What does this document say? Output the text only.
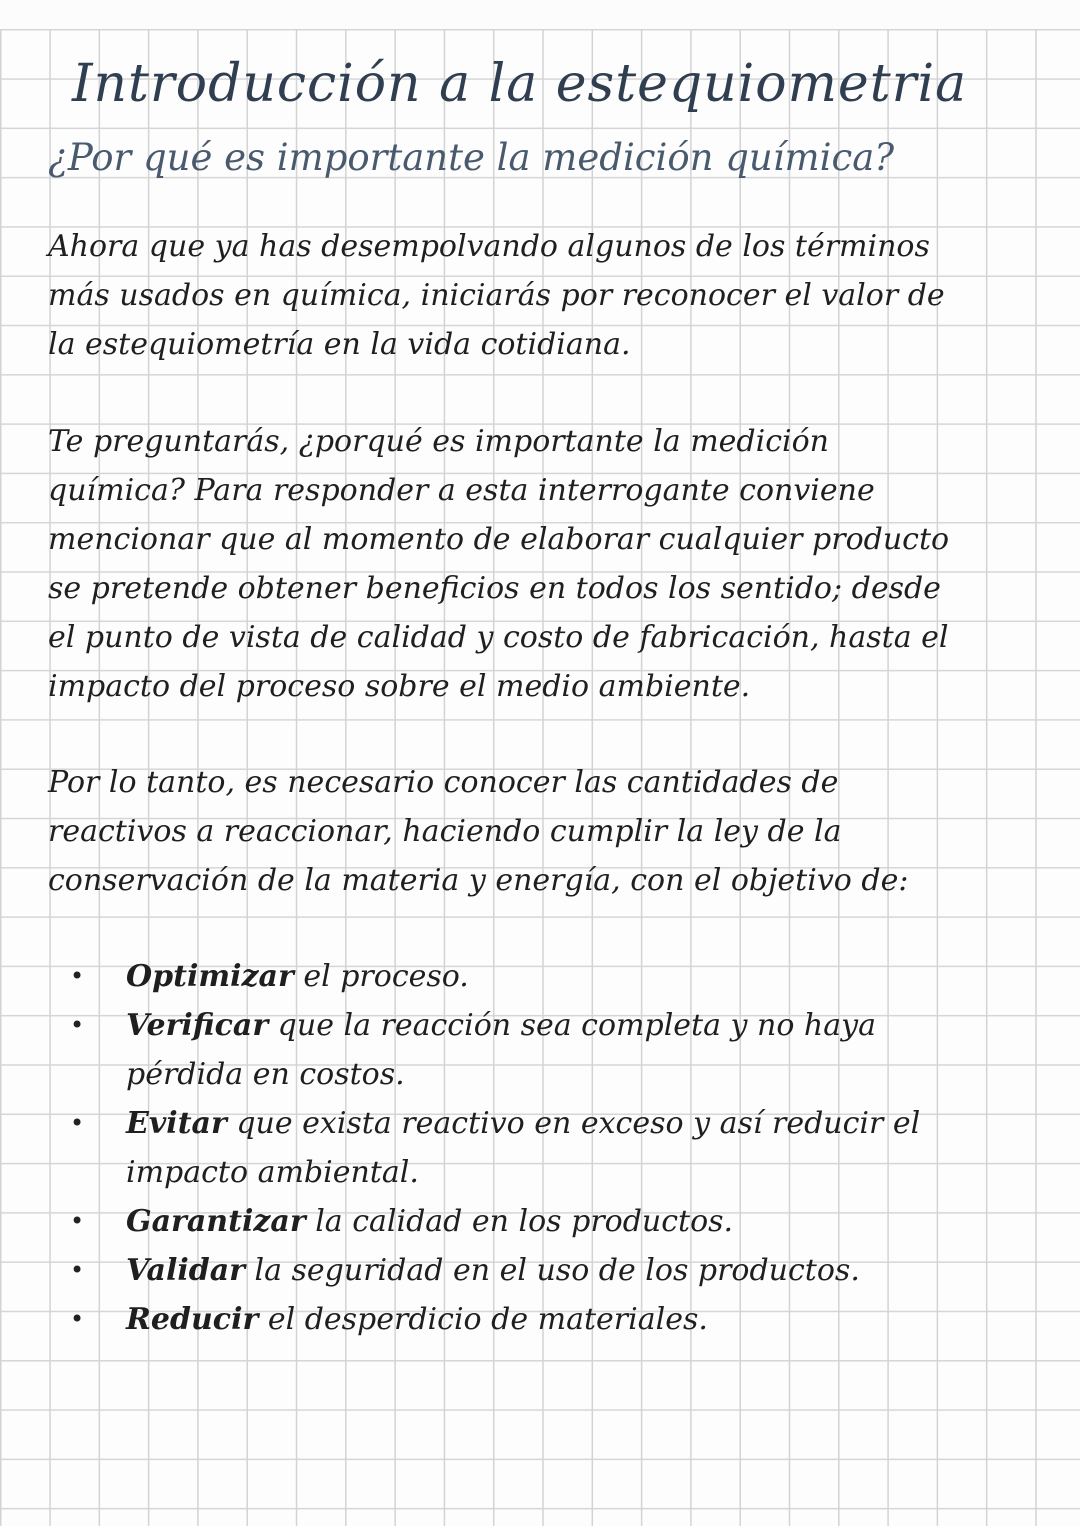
Introducción a la estequiometria
¿Por qué es importante la medición química?

Ahora que ya has desempolvando algunos de los términos
más usados en química, iniciarás por reconocer el valor de
la estequiometría en la vida cotidiana.

Te preguntarás, ¿porqué es importante la medición
química? Para responder a esta interrogante conviene
mencionar que al momento de elaborar cualquier producto
se pretende obtener beneficios en todos los sentido; desde
el punto de vista de calidad y costo de fabricación, hasta el
impacto del proceso sobre el medio ambiente.

Por lo tanto, es necesario conocer las cantidades de
reactivos a reaccionar, haciendo cumplir la ley de la
conservación de la materia y energía, con el objetivo de:

• Optimizar el proceso.
• Verificar que la reacción sea completa y no haya
pérdida en costos.
• Evitar que exista reactivo en exceso y así reducir el
impacto ambiental.
• Garantizar la calidad en los productos.
• Validar la seguridad en el uso de los productos.
• Reducir el desperdicio de materiales.
